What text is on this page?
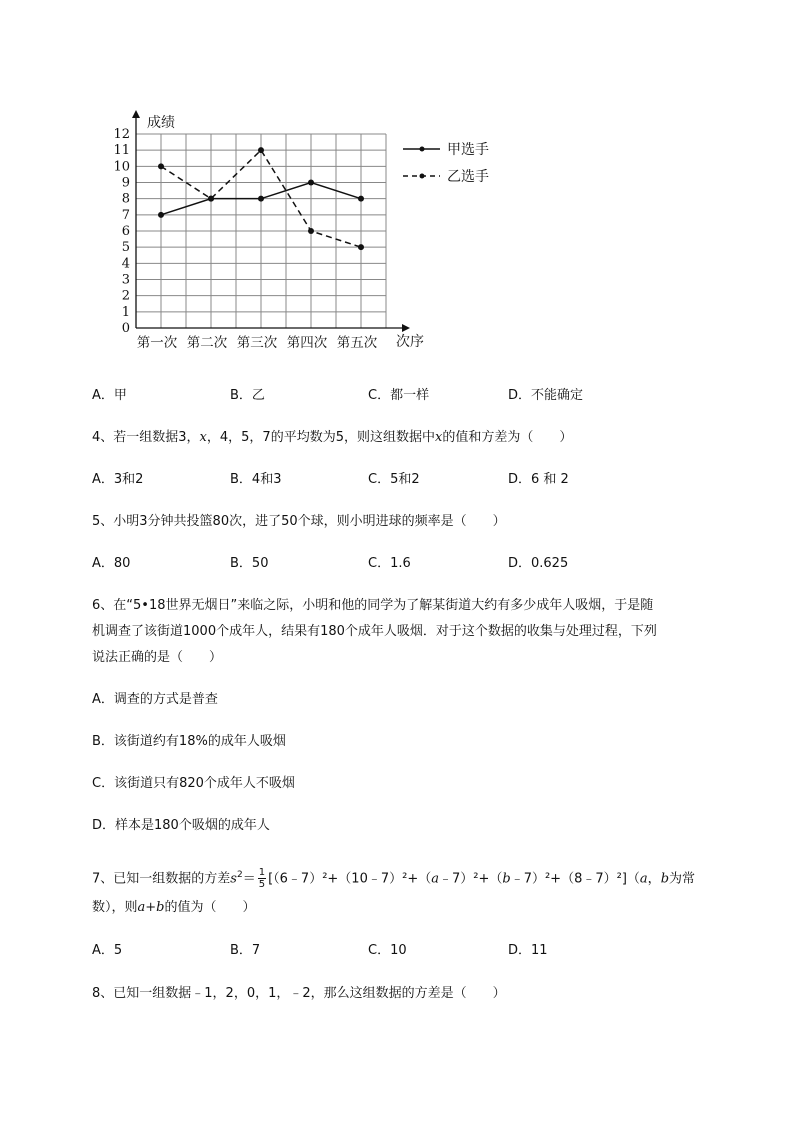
0
1
2
3
4
5
6
7
8
9
10
11
12
第一次 第二次 第三次 第四次 第五次
甲选手
乙选手
成绩
次序
A．甲	B．乙	C．都一样	D．不能确定
4、若一组数据3，x，4，5，7的平均数为5，则这组数据中x的值和方差为（　　）
A．3和2	B．4和3	C．5和2	D．6 和 2
5、小明3分钟共投篮80次，进了50个球，则小明进球的频率是（　　）
A．80	B．50	C．1.6	D．0.625
6、在“5•18世界无烟日”来临之际，小明和他的同学为了解某街道大约有多少成年人吸烟，于是随
机调查了该街道1000个成年人，结果有180个成年人吸烟．对于这个数据的收集与处理过程，下列
说法正确的是（　　）
A．调查的方式是普查
B．该街道约有18%的成年人吸烟
C．该街道只有820个成年人不吸烟
D．样本是180个吸烟的成年人
7、已知一组数据的方差$s^2= \frac{1}{5}$ [（6﹣7）²+（10﹣7）²+（a﹣7）²+（b﹣7）²+（8﹣7）²]（a，b为常
数），则a+b的值为（　　）
A．5	B．7	C．10	D．11
8、已知一组数据﹣1，2，0，1，﹣2，那么这组数据的方差是（　　）
